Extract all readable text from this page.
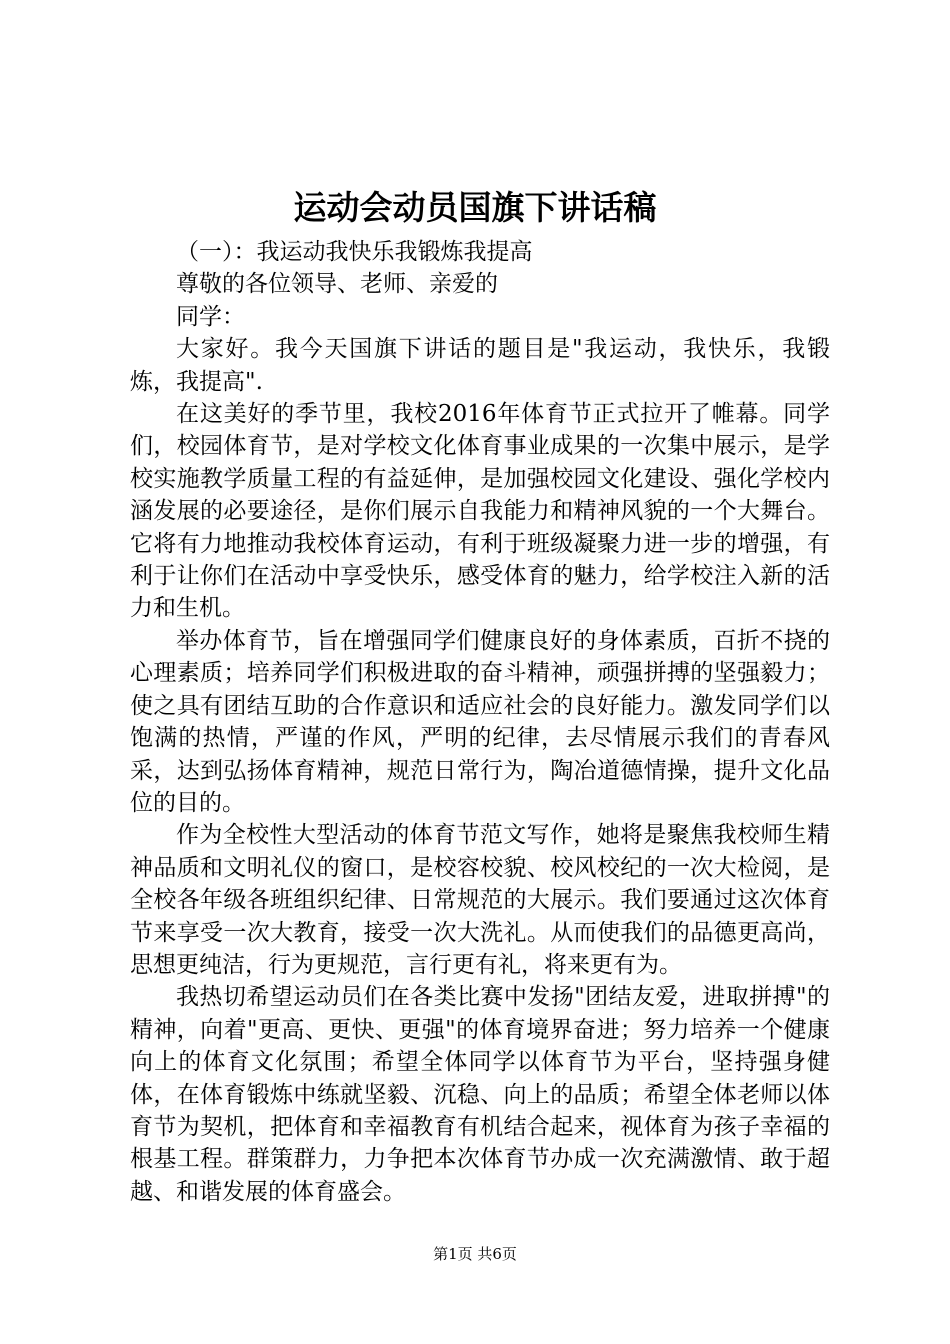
运动会动员国旗下讲话稿

（一）：我运动我快乐我锻炼我提高

尊敬的各位领导、老师、亲爱的

同学：

大家好。我今天国旗下讲话的题目是"我运动，我快乐，我锻炼，我提高".

在这美好的季节里，我校2016年体育节正式拉开了帷幕。同学们，校园体育节，是对学校文化体育事业成果的一次集中展示，是学校实施教学质量工程的有益延伸，是加强校园文化建设、强化学校内涵发展的必要途径，是你们展示自我能力和精神风貌的一个大舞台。它将有力地推动我校体育运动，有利于班级凝聚力进一步的增强，有利于让你们在活动中享受快乐，感受体育的魅力，给学校注入新的活力和生机。

举办体育节，旨在增强同学们健康良好的身体素质，百折不挠的心理素质；培养同学们积极进取的奋斗精神，顽强拼搏的坚强毅力；使之具有团结互助的合作意识和适应社会的良好能力。激发同学们以饱满的热情，严谨的作风，严明的纪律，去尽情展示我们的青春风采，达到弘扬体育精神，规范日常行为，陶冶道德情操，提升文化品位的目的。

作为全校性大型活动的体育节范文写作，她将是聚焦我校师生精神品质和文明礼仪的窗口，是校容校貌、校风校纪的一次大检阅，是全校各年级各班组织纪律、日常规范的大展示。我们要通过这次体育节来享受一次大教育，接受一次大洗礼。从而使我们的品德更高尚，思想更纯洁，行为更规范，言行更有礼，将来更有为。

我热切希望运动员们在各类比赛中发扬"团结友爱，进取拼搏"的精神，向着"更高、更快、更强"的体育境界奋进；努力培养一个健康向上的体育文化氛围；希望全体同学以体育节为平台，坚持强身健体，在体育锻炼中练就坚毅、沉稳、向上的品质；希望全体老师以体育节为契机，把体育和幸福教育有机结合起来，视体育为孩子幸福的根基工程。群策群力，力争把本次体育节办成一次充满激情、敢于超越、和谐发展的体育盛会。

第1页 共6页
